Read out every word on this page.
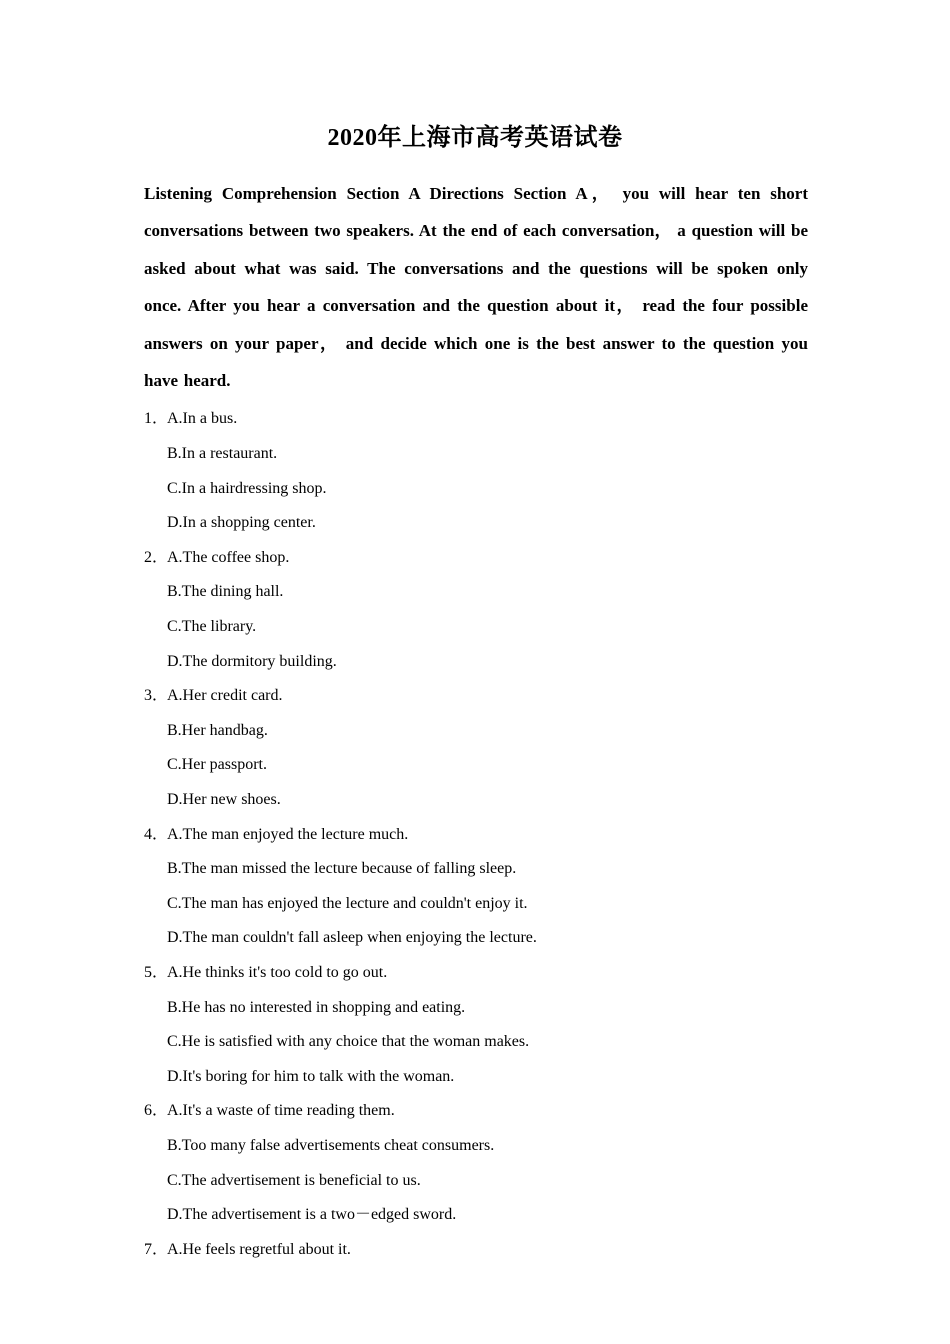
2020年上海市高考英语试卷

Listening Comprehension Section A Directions Section A， you will hear ten short conversations between two speakers. At the end of each conversation， a question will be asked about what was said. The conversations and the questions will be spoken only once. After you hear a conversation and the question about it， read the four possible answers on your paper， and decide which one is the best answer to the question you have heard.

1．A.In a bus.
B.In a restaurant.
C.In a hairdressing shop.
D.In a shopping center.
2．A.The coffee shop.
B.The dining hall.
C.The library.
D.The dormitory building.
3．A.Her credit card.
B.Her handbag.
C.Her passport.
D.Her new shoes.
4．A.The man enjoyed the lecture much.
B.The man missed the lecture because of falling sleep.
C.The man has enjoyed the lecture and couldn't enjoy it.
D.The man couldn't fall asleep when enjoying the lecture.
5．A.He thinks it's too cold to go out.
B.He has no interested in shopping and eating.
C.He is satisfied with any choice that the woman makes.
D.It's boring for him to talk with the woman.
6．A.It's a waste of time reading them.
B.Too many false advertisements cheat consumers.
C.The advertisement is beneficial to us.
D.The advertisement is a two－edged sword.
7．A.He feels regretful about it.
